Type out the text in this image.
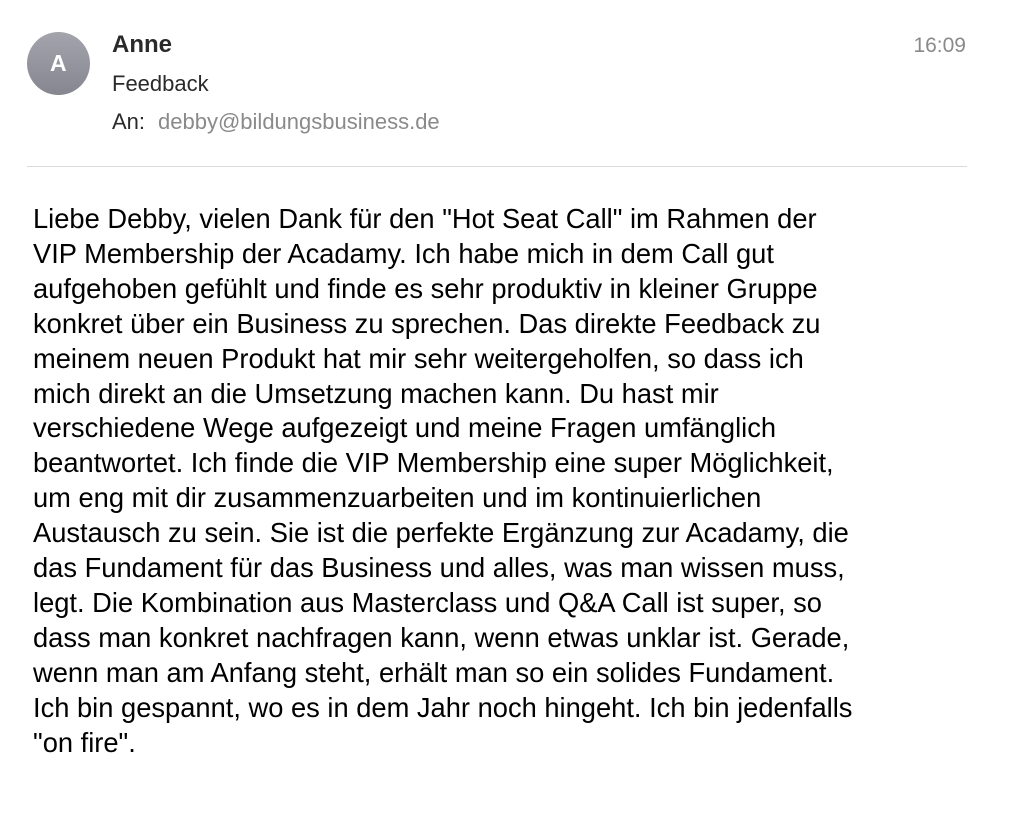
A
Anne
Feedback
An: debby@bildungsbusiness.de
16:09
Liebe Debby, vielen Dank für den "Hot Seat Call" im Rahmen der
VIP Membership der Acadamy. Ich habe mich in dem Call gut
aufgehoben gefühlt und finde es sehr produktiv in kleiner Gruppe
konkret über ein Business zu sprechen. Das direkte Feedback zu
meinem neuen Produkt hat mir sehr weitergeholfen, so dass ich
mich direkt an die Umsetzung machen kann. Du hast mir
verschiedene Wege aufgezeigt und meine Fragen umfänglich
beantwortet. Ich finde die VIP Membership eine super Möglichkeit,
um eng mit dir zusammenzuarbeiten und im kontinuierlichen
Austausch zu sein. Sie ist die perfekte Ergänzung zur Acadamy, die
das Fundament für das Business und alles, was man wissen muss,
legt. Die Kombination aus Masterclass und Q&A Call ist super, so
dass man konkret nachfragen kann, wenn etwas unklar ist. Gerade,
wenn man am Anfang steht, erhält man so ein solides Fundament.
Ich bin gespannt, wo es in dem Jahr noch hingeht. Ich bin jedenfalls
"on fire".
